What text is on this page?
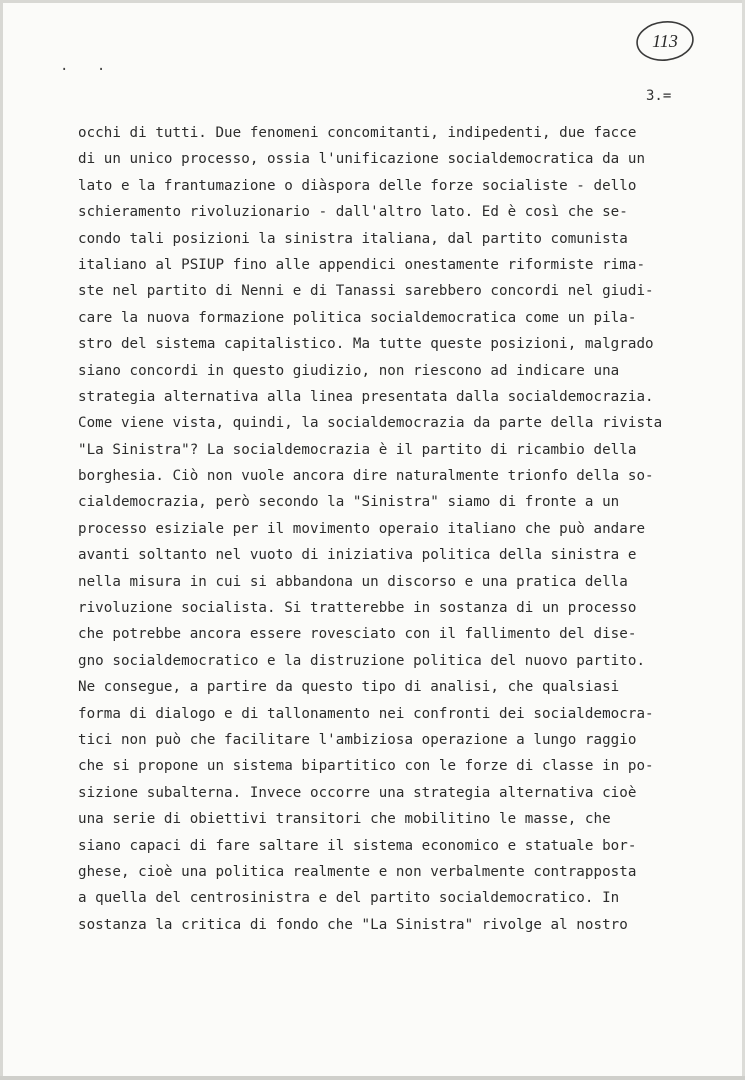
. .
113
3.=
occhi di tutti. Due fenomeni concomitanti, indipedenti, due facce
di un unico processo, ossia l'unificazione socialdemocratica da un
lato e la frantumazione o diàspora delle forze socialiste - dello
schieramento rivoluzionario - dall'altro lato. Ed è così che se-
condo tali posizioni la sinistra italiana, dal partito comunista
italiano al PSIUP fino alle appendici onestamente riformiste rima-
ste nel partito di Nenni e di Tanassi sarebbero concordi nel giudi-
care la nuova formazione politica socialdemocratica come un pila-
stro del sistema capitalistico. Ma tutte queste posizioni, malgrado
siano concordi in questo giudizio, non riescono ad indicare una
strategia alternativa alla linea presentata dalla socialdemocrazia.
Come viene vista, quindi, la socialdemocrazia da parte della rivista
"La Sinistra"? La socialdemocrazia è il partito di ricambio della
borghesia. Ciò non vuole ancora dire naturalmente trionfo della so-
cialdemocrazia, però secondo la "Sinistra" siamo di fronte a un
processo esiziale per il movimento operaio italiano che può andare
avanti soltanto nel vuoto di iniziativa politica della sinistra e
nella misura in cui si abbandona un discorso e una pratica della
rivoluzione socialista. Si tratterebbe in sostanza di un processo
che potrebbe ancora essere rovesciato con il fallimento del dise-
gno socialdemocratico e la distruzione politica del nuovo partito.
Ne consegue, a partire da questo tipo di analisi, che qualsiasi
forma di dialogo e di tallonamento nei confronti dei socialdemocra-
tici non può che facilitare l'ambiziosa operazione a lungo raggio
che si propone un sistema bipartitico con le forze di classe in po-
sizione subalterna. Invece occorre una strategia alternativa cioè
una serie di obiettivi transitori che mobilitino le masse, che
siano capaci di fare saltare il sistema economico e statuale bor-
ghese, cioè una politica realmente e non verbalmente contrapposta
a quella del centrosinistra e del partito socialdemocratico. In
sostanza la critica di fondo che "La Sinistra" rivolge al nostro
